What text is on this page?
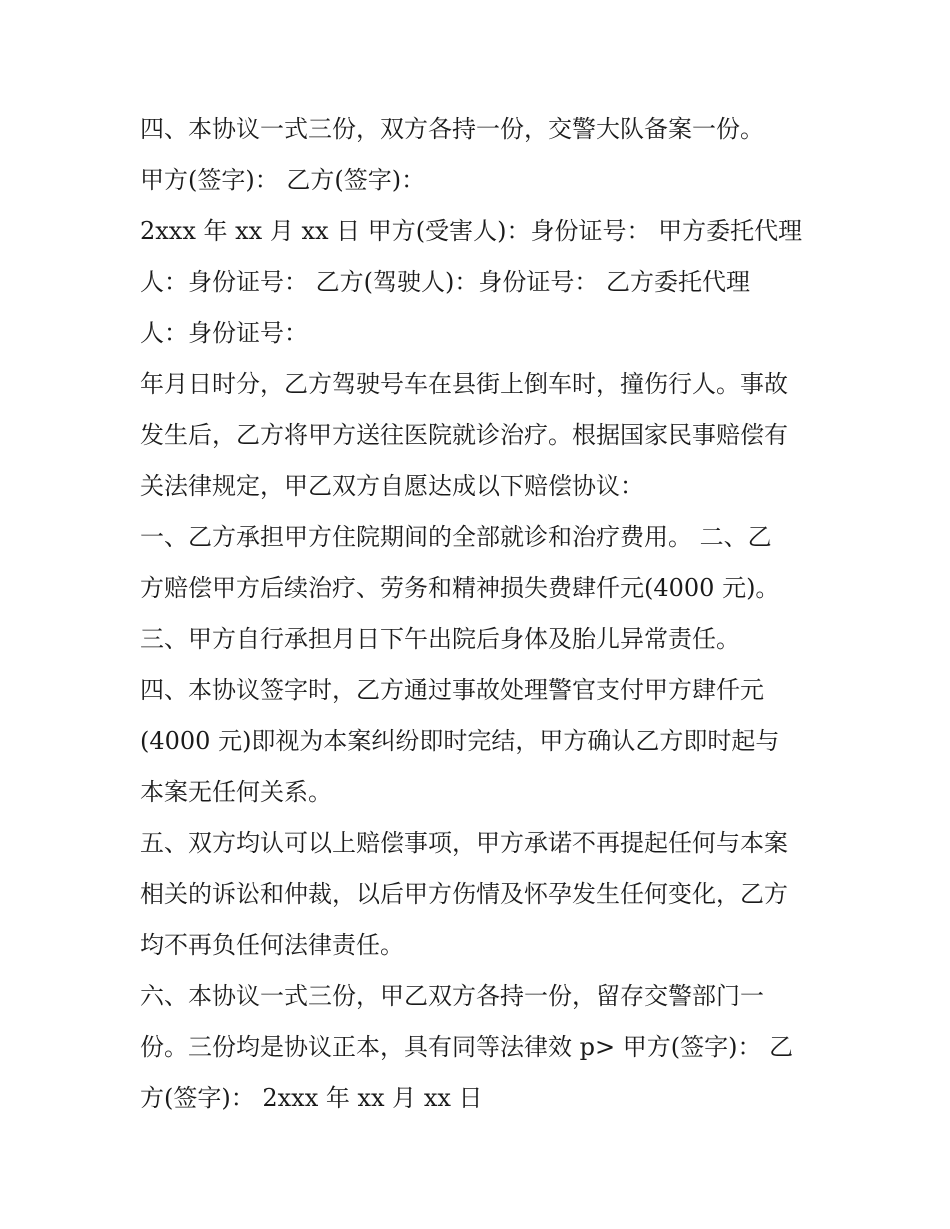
四、本协议一式三份，双方各持一份，交警大队备案一份。
甲方(签字)： 乙方(签字)：
2xxx 年 xx 月 xx 日 甲方(受害人)：身份证号： 甲方委托代理
人：身份证号： 乙方(驾驶人)：身份证号： 乙方委托代理
人：身份证号：
年月日时分，乙方驾驶号车在县街上倒车时，撞伤行人。事故
发生后，乙方将甲方送往医院就诊治疗。根据国家民事赔偿有
关法律规定，甲乙双方自愿达成以下赔偿协议：
一、乙方承担甲方住院期间的全部就诊和治疗费用。 二、乙
方赔偿甲方后续治疗、劳务和精神损失费肆仟元(4000 元)。
三、甲方自行承担月日下午出院后身体及胎儿异常责任。
四、本协议签字时，乙方通过事故处理警官支付甲方肆仟元
(4000 元)即视为本案纠纷即时完结，甲方确认乙方即时起与
本案无任何关系。
五、双方均认可以上赔偿事项，甲方承诺不再提起任何与本案
相关的诉讼和仲裁，以后甲方伤情及怀孕发生任何变化，乙方
均不再负任何法律责任。
六、本协议一式三份，甲乙双方各持一份，留存交警部门一
份。三份均是协议正本，具有同等法律效 p> 甲方(签字)： 乙
方(签字)： 2xxx 年 xx 月 xx 日
